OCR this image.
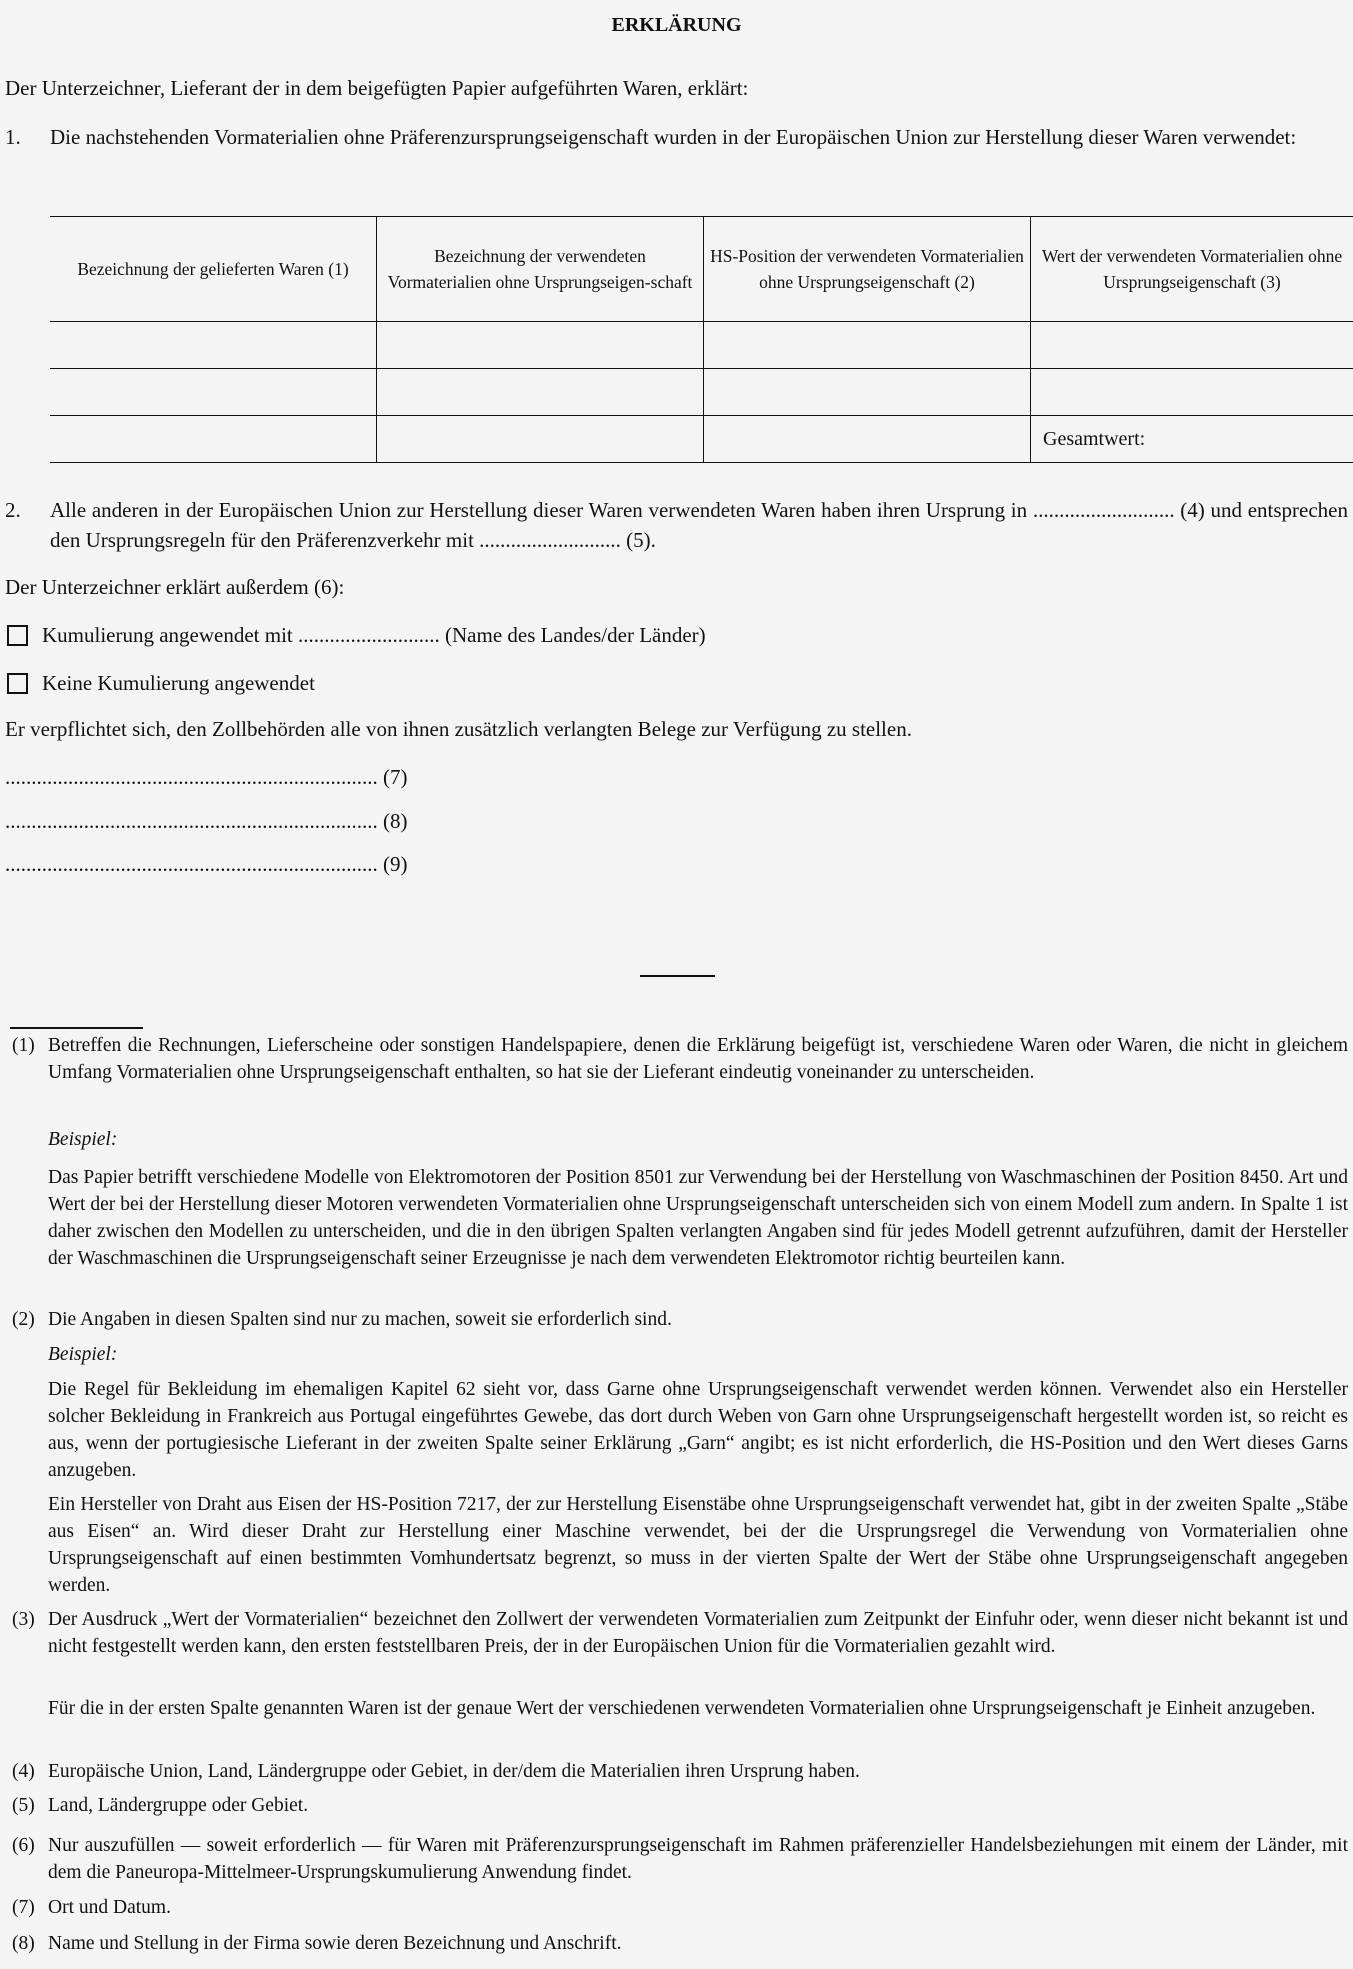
ERKLÄRUNG
Der Unterzeichner, Lieferant der in dem beigefügten Papier aufgeführten Waren, erklärt:
1. Die nachstehenden Vormaterialien ohne Präferenzursprungseigenschaft wurden in der Europäischen Union zur Herstellung dieser Waren verwendet:
Bezeichnung der gelieferten Waren (1)	Bezeichnung der verwendeten Vormaterialien ohne Ursprungseigen-schaft	HS-Position der verwendeten Vormaterialien ohne Ursprungseigenschaft (2)	Wert der verwendeten Vormaterialien ohne Ursprungseigenschaft (3)

			Gesamtwert:
2. Alle anderen in der Europäischen Union zur Herstellung dieser Waren verwendeten Waren haben ihren Ursprung in ........................... (4) und entsprechen den Ursprungsregeln für den Präferenzverkehr mit ........................... (5).
Der Unterzeichner erklärt außerdem (6):
Kumulierung angewendet mit ........................... (Name des Landes/der Länder)
Keine Kumulierung angewendet
Er verpflichtet sich, den Zollbehörden alle von ihnen zusätzlich verlangten Belege zur Verfügung zu stellen.
....................................................................... (7)
....................................................................... (8)
....................................................................... (9)
(1) Betreffen die Rechnungen, Lieferscheine oder sonstigen Handelspapiere, denen die Erklärung beigefügt ist, verschiedene Waren oder Waren, die nicht in gleichem Umfang Vormaterialien ohne Ursprungseigenschaft enthalten, so hat sie der Lieferant eindeutig voneinander zu unterscheiden.
Beispiel:
Das Papier betrifft verschiedene Modelle von Elektromotoren der Position 8501 zur Verwendung bei der Herstellung von Waschmaschinen der Position 8450. Art und Wert der bei der Herstellung dieser Motoren verwendeten Vormaterialien ohne Ursprungseigenschaft unterscheiden sich von einem Modell zum andern. In Spalte 1 ist daher zwischen den Modellen zu unterscheiden, und die in den übrigen Spalten verlangten Angaben sind für jedes Modell getrennt aufzuführen, damit der Hersteller der Waschmaschinen die Ursprungseigenschaft seiner Erzeugnisse je nach dem verwendeten Elektromotor richtig beurteilen kann.
(2) Die Angaben in diesen Spalten sind nur zu machen, soweit sie erforderlich sind.
Beispiel:
Die Regel für Bekleidung im ehemaligen Kapitel 62 sieht vor, dass Garne ohne Ursprungseigenschaft verwendet werden können. Verwendet also ein Hersteller solcher Bekleidung in Frankreich aus Portugal eingeführtes Gewebe, das dort durch Weben von Garn ohne Ursprungseigenschaft hergestellt worden ist, so reicht es aus, wenn der portugiesische Lieferant in der zweiten Spalte seiner Erklärung „Garn“ angibt; es ist nicht erforderlich, die HS-Position und den Wert dieses Garns anzugeben.
Ein Hersteller von Draht aus Eisen der HS-Position 7217, der zur Herstellung Eisenstäbe ohne Ursprungseigenschaft verwendet hat, gibt in der zweiten Spalte „Stäbe aus Eisen“ an. Wird dieser Draht zur Herstellung einer Maschine verwendet, bei der die Ursprungsregel die Verwendung von Vormaterialien ohne Ursprungseigenschaft auf einen bestimmten Vomhundertsatz begrenzt, so muss in der vierten Spalte der Wert der Stäbe ohne Ursprungseigenschaft angegeben werden.
(3) Der Ausdruck „Wert der Vormaterialien“ bezeichnet den Zollwert der verwendeten Vormaterialien zum Zeitpunkt der Einfuhr oder, wenn dieser nicht bekannt ist und nicht festgestellt werden kann, den ersten feststellbaren Preis, der in der Europäischen Union für die Vormaterialien gezahlt wird.
Für die in der ersten Spalte genannten Waren ist der genaue Wert der verschiedenen verwendeten Vormaterialien ohne Ursprungseigenschaft je Einheit anzugeben.
(4) Europäische Union, Land, Ländergruppe oder Gebiet, in der/dem die Materialien ihren Ursprung haben.
(5) Land, Ländergruppe oder Gebiet.
(6) Nur auszufüllen — soweit erforderlich — für Waren mit Präferenzursprungseigenschaft im Rahmen präferenzieller Handelsbeziehungen mit einem der Länder, mit dem die Paneuropa-Mittelmeer-Ursprungskumulierung Anwendung findet.
(7) Ort und Datum.
(8) Name und Stellung in der Firma sowie deren Bezeichnung und Anschrift.
